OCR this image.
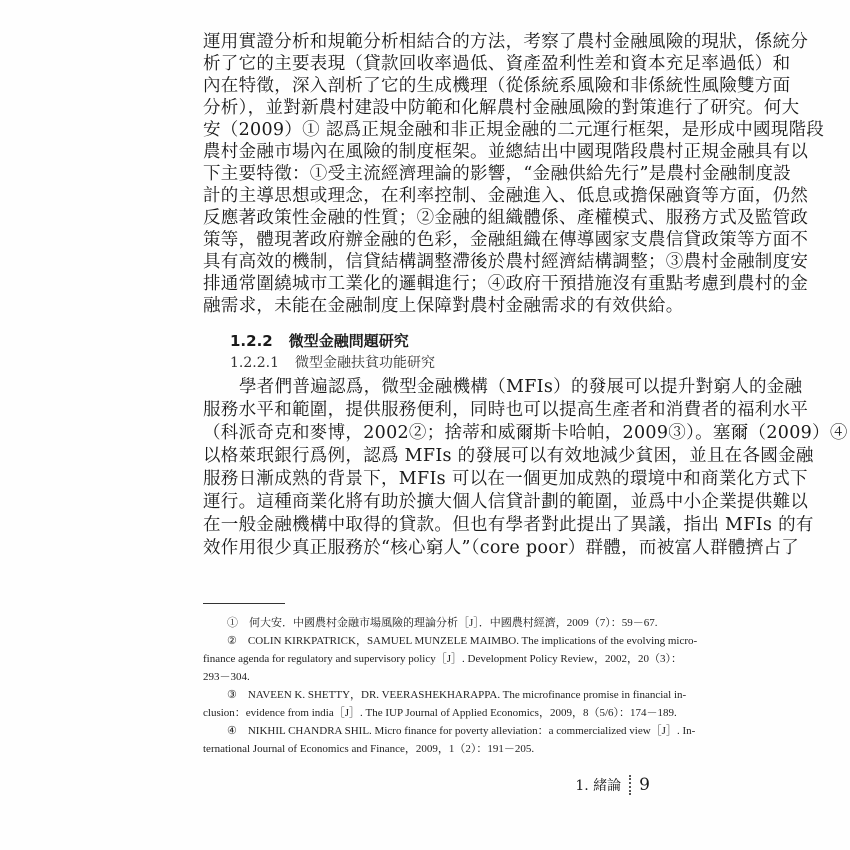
運用實證分析和規範分析相結合的方法，考察了農村金融風險的現狀，係統分
析了它的主要表現（貸款回收率過低、資產盈利性差和資本充足率過低）和
內在特徵，深入剖析了它的生成機理（從係統系風險和非係統性風險雙方面
分析），並對新農村建設中防範和化解農村金融風險的對策進行了研究。何大
安（2009）① 認爲正規金融和非正規金融的二元運行框架，是形成中國現階段
農村金融市場內在風險的制度框架。並總結出中國現階段農村正規金融具有以
下主要特徵：①受主流經濟理論的影響，“金融供給先行”是農村金融制度設
計的主導思想或理念，在利率控制、金融進入、低息或擔保融資等方面，仍然
反應著政策性金融的性質；②金融的組織體係、產權模式、服務方式及監管政
策等，體現著政府辦金融的色彩，金融組織在傳導國家支農信貸政策等方面不
具有高效的機制，信貸結構調整滯後於農村經濟結構調整；③農村金融制度安
排通常圍繞城市工業化的邏輯進行；④政府干預措施沒有重點考慮到農村的金
融需求，未能在金融制度上保障對農村金融需求的有效供給。
1.2.2 微型金融問題研究
1.2.2.1 微型金融扶貧功能研究
學者們普遍認爲，微型金融機構（MFIs）的發展可以提升對窮人的金融
服務水平和範圍，提供服務便利，同時也可以提高生產者和消費者的福利水平
（科派奇克和麥博，2002②；捨蒂和威爾斯卡哈帕，2009③）。塞爾（2009）④
以格萊珉銀行爲例，認爲 MFIs 的發展可以有效地減少貧困，並且在各國金融
服務日漸成熟的背景下，MFIs 可以在一個更加成熟的環境中和商業化方式下
運行。這種商業化將有助於擴大個人信貸計劃的範圍，並爲中小企業提供難以
在一般金融機構中取得的貸款。但也有學者對此提出了異議，指出 MFIs 的有
效作用很少真正服務於“核心窮人”（core poor）群體，而被富人群體擠占了
①　何大安．中國農村金融市場風險的理論分析［J］．中國農村經濟，2009（7）：59－67.
②　COLIN KIRKPATRICK，SAMUEL MUNZELE MAIMBO. The implications of the evolving micro-
finance agenda for regulatory and supervisory policy［J］. Development Policy Review，2002，20（3）：
293－304.
③　NAVEEN K. SHETTY，DR. VEERASHEKHARAPPA. The microfinance promise in financial in-
clusion：evidence from india［J］. The IUP Journal of Applied Economics，2009，8（5/6）：174－189.
④　NIKHIL CHANDRA SHIL. Micro finance for poverty alleviation：a commercialized view［J］. In-
ternational Journal of Economics and Finance，2009，1（2）：191－205.
1. 緒論 9
